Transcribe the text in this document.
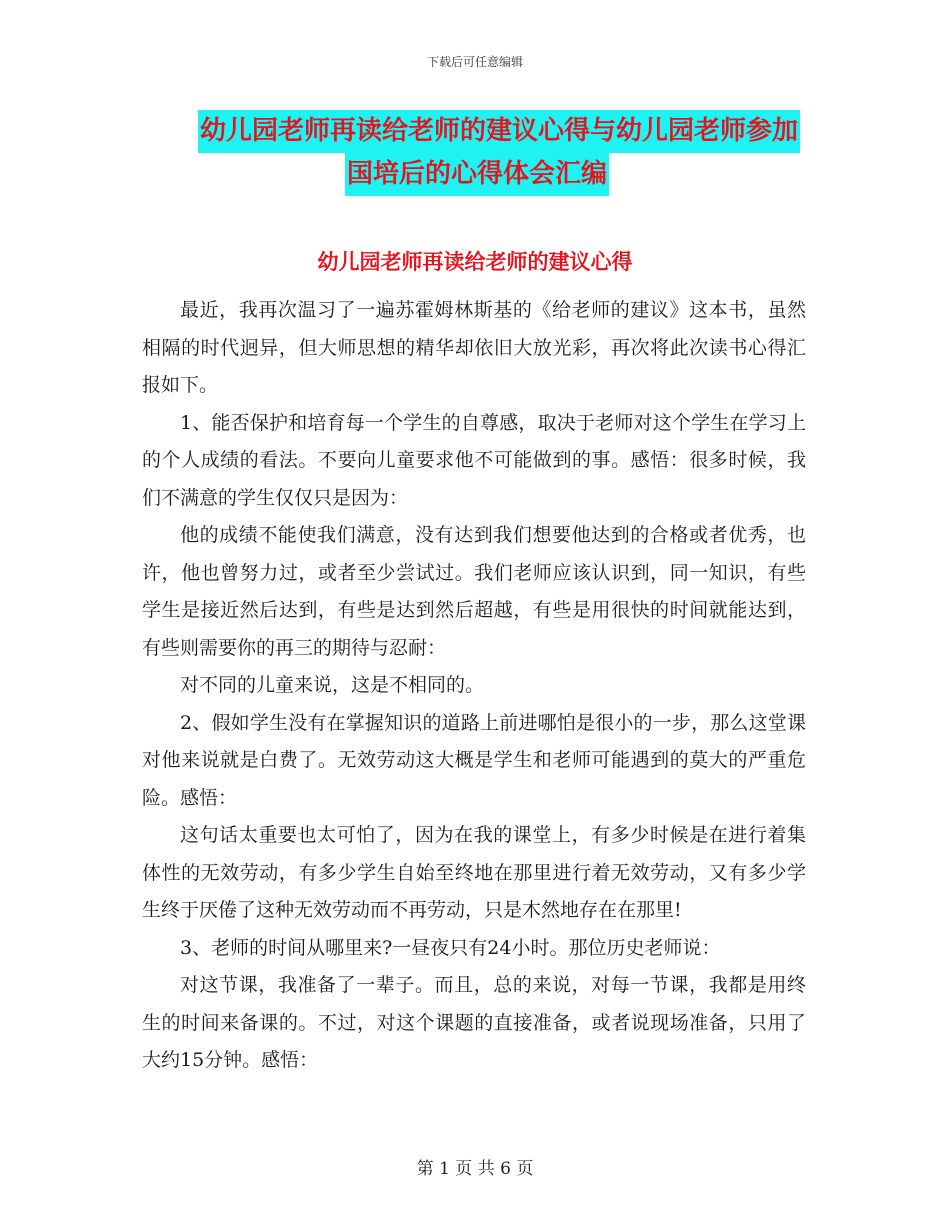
下载后可任意编辑
幼儿园老师再读给老师的建议心得与幼儿园老师参加
国培后的心得体会汇编
幼儿园老师再读给老师的建议心得

最近，我再次温习了一遍苏霍姆林斯基的《给老师的建议》这本书，虽然相隔的时代迥异，但大师思想的精华却依旧大放光彩，再次将此次读书心得汇报如下。

1、能否保护和培育每一个学生的自尊感，取决于老师对这个学生在学习上的个人成绩的看法。不要向儿童要求他不可能做到的事。感悟：很多时候，我们不满意的学生仅仅只是因为：

他的成绩不能使我们满意，没有达到我们想要他达到的合格或者优秀，也许，他也曾努力过，或者至少尝试过。我们老师应该认识到，同一知识，有些学生是接近然后达到，有些是达到然后超越，有些是用很快的时间就能达到，有些则需要你的再三的期待与忍耐：

对不同的儿童来说，这是不相同的。

2、假如学生没有在掌握知识的道路上前进哪怕是很小的一步，那么这堂课对他来说就是白费了。无效劳动这大概是学生和老师可能遇到的莫大的严重危险。感悟：

这句话太重要也太可怕了，因为在我的课堂上，有多少时候是在进行着集体性的无效劳动，有多少学生自始至终地在那里进行着无效劳动，又有多少学生终于厌倦了这种无效劳动而不再劳动，只是木然地存在在那里!

3、老师的时间从哪里来?一昼夜只有24小时。那位历史老师说：

对这节课，我准备了一辈子。而且，总的来说，对每一节课，我都是用终生的时间来备课的。不过，对这个课题的直接准备，或者说现场准备，只用了大约15分钟。感悟：

第 1 页 共 6 页
